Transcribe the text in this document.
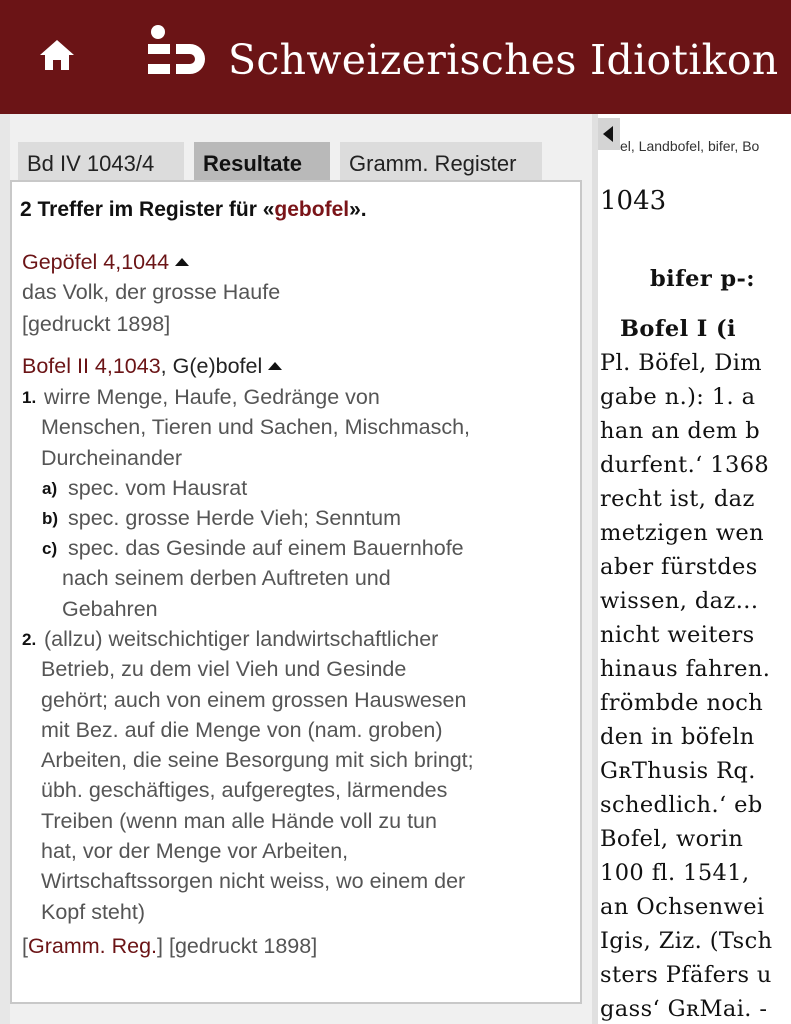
Schweizerisches Idiotikon
Bd IV 1043/4	Resultate	Gramm. Register
2 Treffer im Register für «gebofel».
Gepöfel 4,1044
das Volk, der grosse Haufe
[gedruckt 1898]
Bofel II 4,1043, G(e)bofel
1. wirre Menge, Haufe, Gedränge von
Menschen, Tieren und Sachen, Mischmasch,
Durcheinander
a) spec. vom Hausrat
b) spec. grosse Herde Vieh; Senntum
c) spec. das Gesinde auf einem Bauernhofe
nach seinem derben Auftreten und
Gebahren
2. (allzu) weitschichtiger landwirtschaftlicher
Betrieb, zu dem viel Vieh und Gesinde
gehört; auch von einem grossen Hauswesen
mit Bez. auf die Menge von (nam. groben)
Arbeiten, die seine Besorgung mit sich bringt;
übh. geschäftiges, aufgeregtes, lärmendes
Treiben (wenn man alle Hände voll zu tun
hat, vor der Menge vor Arbeiten,
Wirtschaftssorgen nicht weiss, wo einem der
Kopf steht)
[Gramm. Reg.] [gedruckt 1898]
el, Landbofel, bifer, Bo
1043
bifer p-:
Bofel I (i
Pl. Böfel, Dim
gabe n.): 1. a
han an dem b
durfent.‘ 1368
recht ist, daz
metzigen wen
aber fürstdes
wissen, daz...
nicht weiters
hinaus fahren.
frömbde noch
den in böfeln
GʀThusis Rq.
schedlich.‘ eb
Bofel, worin
100 fl. 1541,
an Ochsenwei
Igis, Ziz. (Tsch
sters Pfäfers u
gass‘ GʀMai. -
